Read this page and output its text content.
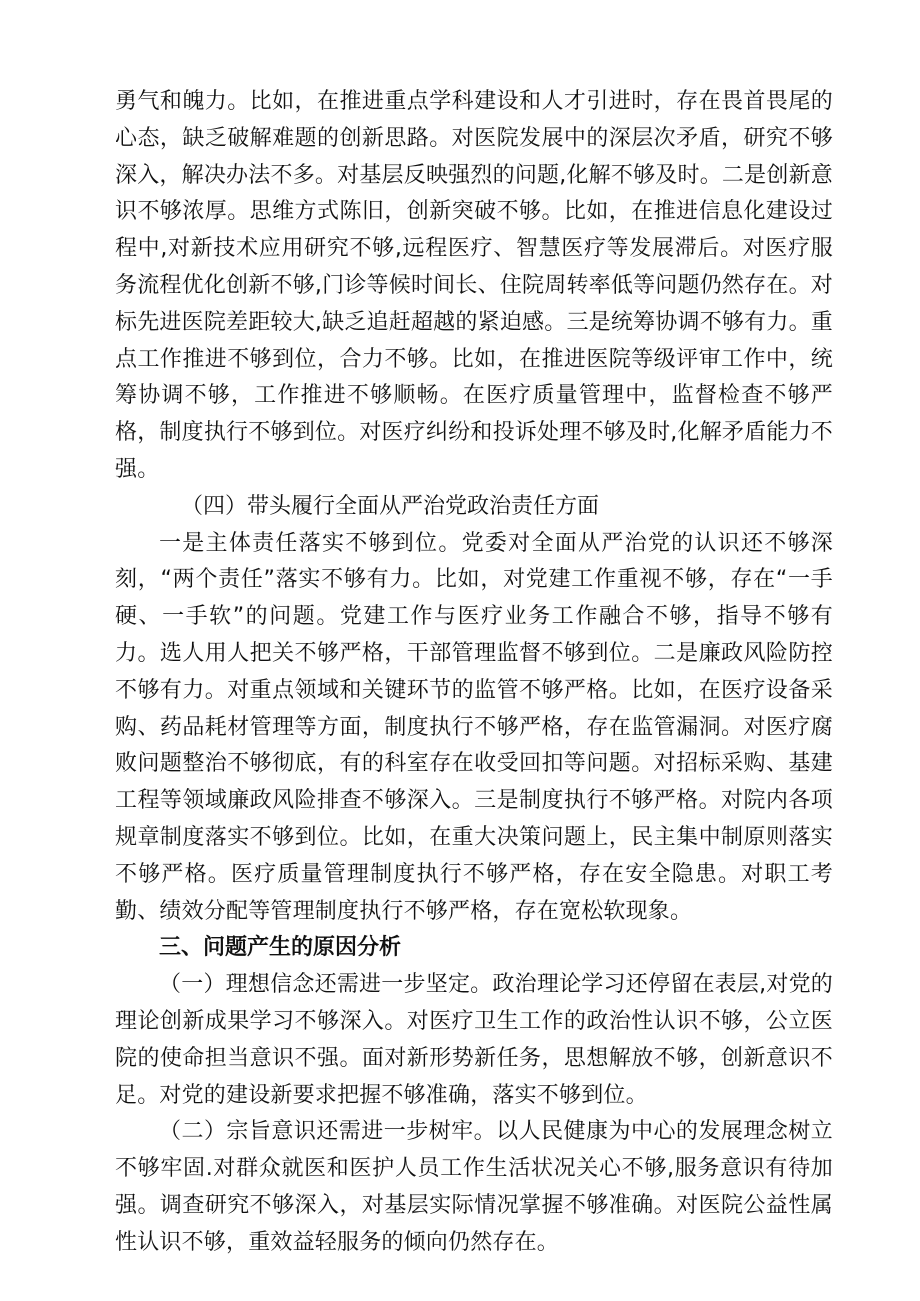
勇气和魄力。比如，在推进重点学科建设和人才引进时，存在畏首畏尾的心态，缺乏破解难题的创新思路。对医院发展中的深层次矛盾，研究不够深入，解决办法不多。对基层反映强烈的问题,化解不够及时。二是创新意识不够浓厚。思维方式陈旧，创新突破不够。比如，在推进信息化建设过程中,对新技术应用研究不够,远程医疗、智慧医疗等发展滞后。对医疗服务流程优化创新不够,门诊等候时间长、住院周转率低等问题仍然存在。对标先进医院差距较大,缺乏追赶超越的紧迫感。三是统筹协调不够有力。重点工作推进不够到位，合力不够。比如，在推进医院等级评审工作中，统筹协调不够，工作推进不够顺畅。在医疗质量管理中，监督检查不够严格，制度执行不够到位。对医疗纠纷和投诉处理不够及时,化解矛盾能力不强。

（四）带头履行全面从严治党政治责任方面

一是主体责任落实不够到位。党委对全面从严治党的认识还不够深刻，“两个责任”落实不够有力。比如，对党建工作重视不够，存在“一手硬、一手软”的问题。党建工作与医疗业务工作融合不够，指导不够有力。选人用人把关不够严格，干部管理监督不够到位。二是廉政风险防控不够有力。对重点领域和关键环节的监管不够严格。比如，在医疗设备采购、药品耗材管理等方面，制度执行不够严格，存在监管漏洞。对医疗腐败问题整治不够彻底，有的科室存在收受回扣等问题。对招标采购、基建工程等领域廉政风险排查不够深入。三是制度执行不够严格。对院内各项规章制度落实不够到位。比如，在重大决策问题上，民主集中制原则落实不够严格。医疗质量管理制度执行不够严格，存在安全隐患。对职工考勤、绩效分配等管理制度执行不够严格，存在宽松软现象。

三、问题产生的原因分析

（一）理想信念还需进一步坚定。政治理论学习还停留在表层,对党的理论创新成果学习不够深入。对医疗卫生工作的政治性认识不够，公立医院的使命担当意识不强。面对新形势新任务，思想解放不够，创新意识不足。对党的建设新要求把握不够准确，落实不够到位。

（二）宗旨意识还需进一步树牢。以人民健康为中心的发展理念树立不够牢固.对群众就医和医护人员工作生活状况关心不够,服务意识有待加强。调查研究不够深入，对基层实际情况掌握不够准确。对医院公益性属性认识不够，重效益轻服务的倾向仍然存在。
